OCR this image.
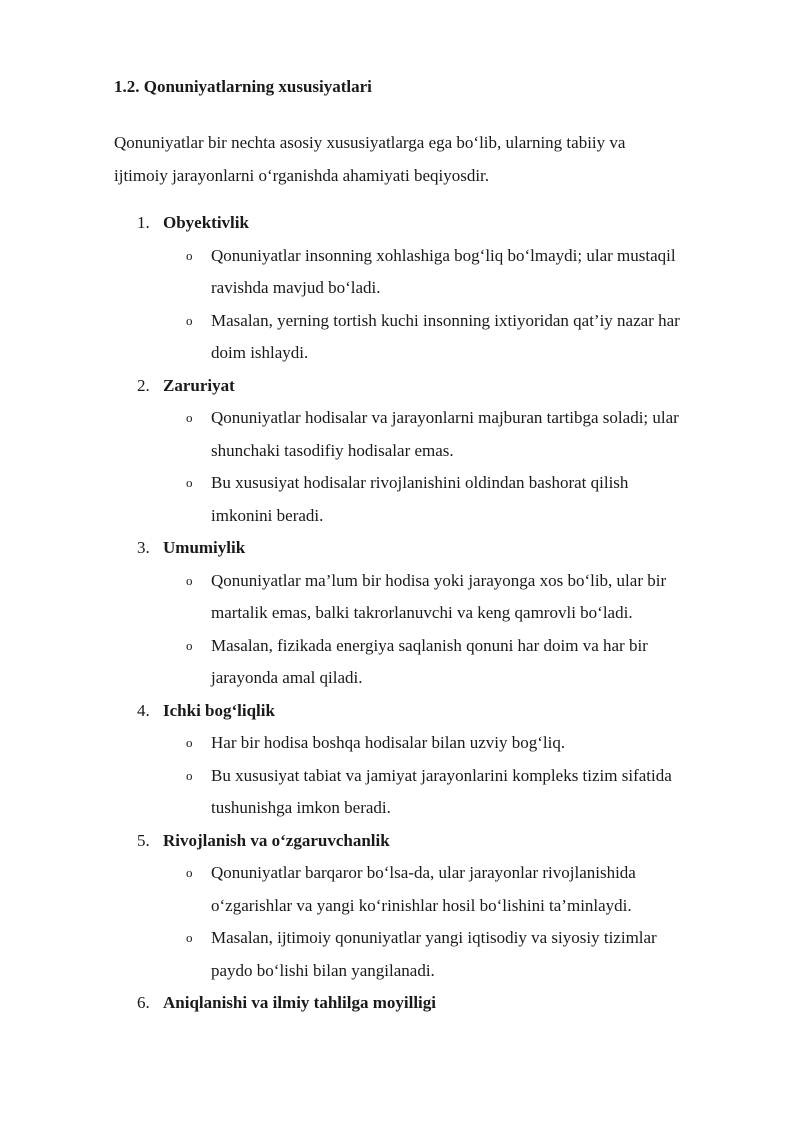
1.2. Qonuniyatlarning xususiyatlari
Qonuniyatlar bir nechta asosiy xususiyatlarga ega bo‘lib, ularning tabiiy va
ijtimoiy jarayonlarni o‘rganishda ahamiyati beqiyosdir.
1. Obyektivlik
o Qonuniyatlar insonning xohlashiga bog‘liq bo‘lmaydi; ular mustaqil
ravishda mavjud bo‘ladi.
o Masalan, yerning tortish kuchi insonning ixtiyoridan qat’iy nazar har
doim ishlaydi.
2. Zaruriyat
o Qonuniyatlar hodisalar va jarayonlarni majburan tartibga soladi; ular
shunchaki tasodifiy hodisalar emas.
o Bu xususiyat hodisalar rivojlanishini oldindan bashorat qilish
imkonini beradi.
3. Umumiylik
o Qonuniyatlar ma’lum bir hodisa yoki jarayonga xos bo‘lib, ular bir
martalik emas, balki takrorlanuvchi va keng qamrovli bo‘ladi.
o Masalan, fizikada energiya saqlanish qonuni har doim va har bir
jarayonda amal qiladi.
4. Ichki bog‘liqlik
o Har bir hodisa boshqa hodisalar bilan uzviy bog‘liq.
o Bu xususiyat tabiat va jamiyat jarayonlarini kompleks tizim sifatida
tushunishga imkon beradi.
5. Rivojlanish va o‘zgaruvchanlik
o Qonuniyatlar barqaror bo‘lsa-da, ular jarayonlar rivojlanishida
o‘zgarishlar va yangi ko‘rinishlar hosil bo‘lishini ta’minlaydi.
o Masalan, ijtimoiy qonuniyatlar yangi iqtisodiy va siyosiy tizimlar
paydo bo‘lishi bilan yangilanadi.
6. Aniqlanishi va ilmiy tahlilga moyilligi
